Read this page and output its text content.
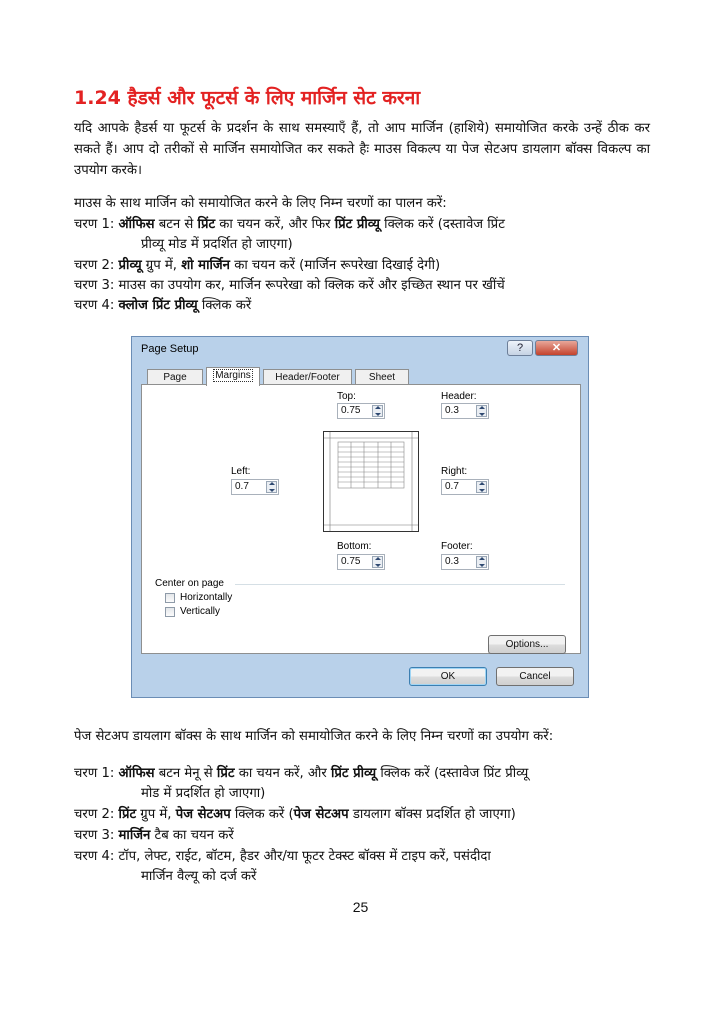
1.24 हैडर्स और फूटर्स के लिए मार्जिन सेट करना
यदि आपके हैडर्स या फूटर्स के प्रदर्शन के साथ समस्याएँ हैं, तो आप मार्जिन (हाशिये) समायोजित करके उन्हें ठीक कर सकते हैं। आप दो तरीकों से मार्जिन समायोजित कर सकते हैः माउस विकल्प या पेज सेटअप डायलाग बॉक्स विकल्प का उपयोग करके।
माउस के साथ मार्जिन को समायोजित करने के लिए निम्न चरणों का पालन करें:
चरण 1: ऑफिस बटन से प्रिंट का चयन करें, और फिर प्रिंट प्रीव्यू क्लिक करें (दस्तावेज प्रिंट
प्रीव्यू मोड में प्रदर्शित हो जाएगा)
चरण 2: प्रीव्यू ग्रुप में, शो मार्जिन का चयन करें (मार्जिन रूपरेखा दिखाई देगी)
चरण 3: माउस का उपयोग कर, मार्जिन रूपरेखा को क्लिक करें और इच्छित स्थान पर खींचें
चरण 4: क्लोज प्रिंट प्रीव्यू क्लिक करें
Page Setup	?	✕
Page	Margins	Header/Footer	Sheet
Top:
0.75
Header:
0.3
Left:
0.7
Right:
0.7
Bottom:
0.75
Footer:
0.3
Center on page
Horizontally
Vertically
Options...
OK	Cancel
पेज सेटअप डायलाग बॉक्स के साथ मार्जिन को समायोजित करने के लिए निम्न चरणों का उपयोग करें:
चरण 1: ऑफिस बटन मेनू से प्रिंट का चयन करें, और प्रिंट प्रीव्यू क्लिक करें (दस्तावेज प्रिंट प्रीव्यू
मोड में प्रदर्शित हो जाएगा)
चरण 2: प्रिंट ग्रुप में, पेज सेटअप क्लिक करें (पेज सेटअप डायलाग बॉक्स प्रदर्शित हो जाएगा)
चरण 3: मार्जिन टैब का चयन करें
चरण 4: टॉप, लेफ्ट, राईट, बॉटम, हैडर और/या फूटर टेक्स्ट बॉक्स में टाइप करें, पसंदीदा
मार्जिन वैल्यू को दर्ज करें
25
